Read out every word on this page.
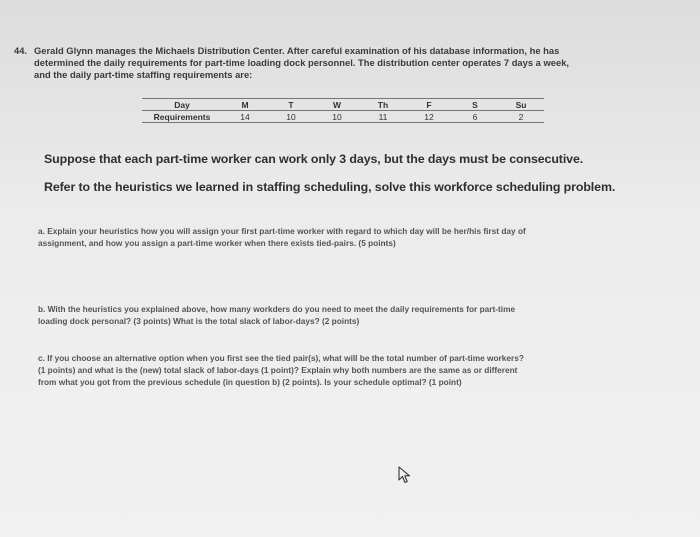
44. Gerald Glynn manages the Michaels Distribution Center. After careful examination of his database information, he has
determined the daily requirements for part-time loading dock personnel. The distribution center operates 7 days a week,
and the daily part-time staffing requirements are:
Day	M	T	W	Th	F	S	Su
Requirements	14	10	10	11	12	6	2
Suppose that each part-time worker can work only 3 days, but the days must be consecutive.
Refer to the heuristics we learned in staffing scheduling, solve this workforce scheduling problem.
a. Explain your heuristics how you will assign your first part-time worker with regard to which day will be her/his first day of
assignment, and how you assign a part-time worker when there exists tied-pairs. (5 points)
b. With the heuristics you explained above, how many workders do you need to meet the daily requirements for part-time
loading dock personal? (3 points) What is the total slack of labor-days? (2 points)
c. If you choose an alternative option when you first see the tied pair(s), what will be the total number of part-time workers?
(1 points) and what is the (new) total slack of labor-days (1 point)? Explain why both numbers are the same as or different
from what you got from the previous schedule (in question b) (2 points). Is your schedule optimal? (1 point)
